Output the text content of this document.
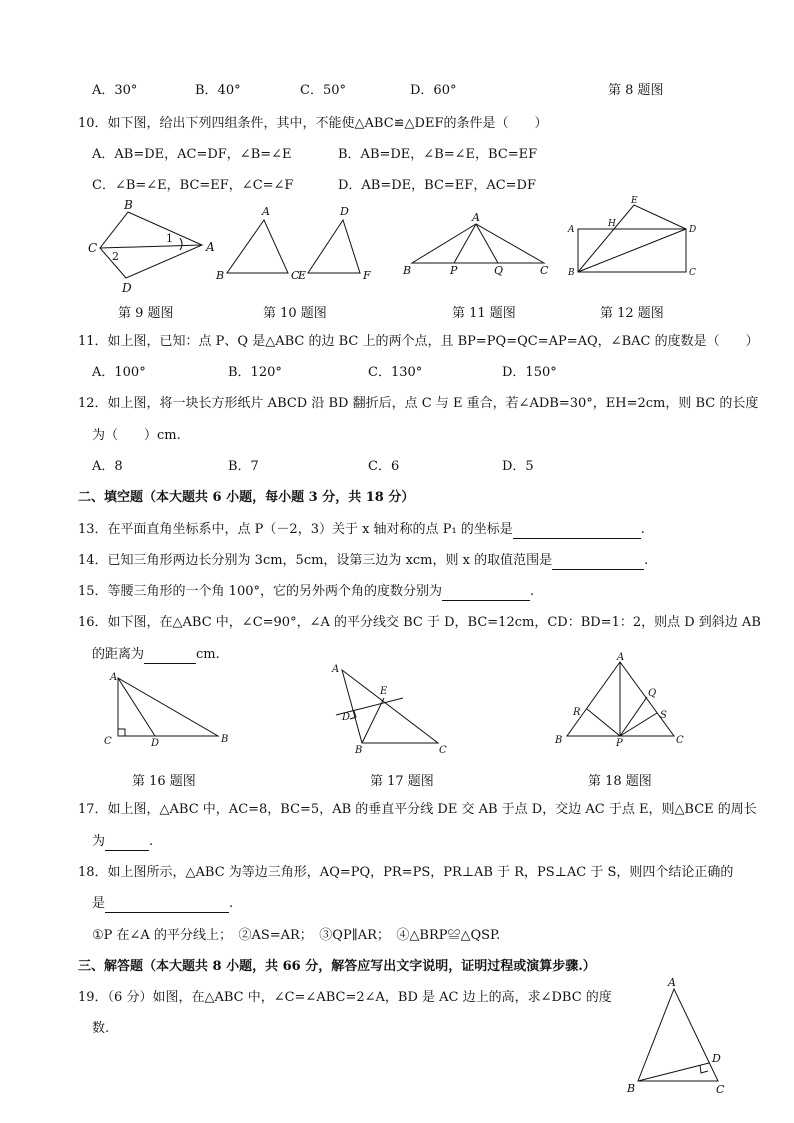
A．30°	B．40°	C．50°	D．60°	第 8 题图
10．如下图，给出下列四组条件，其中，不能使△ABC≌△DEF的条件是（　　）
A．AB=DE，AC=DF，∠B=∠E	B．AB=DE，∠B=∠E，BC=EF
C．∠B=∠E，BC=EF，∠C=∠F	D．AB=DE，BC=EF，AC=DF
B
C
D
A
1
2
A
B	C
D
E	F
A
B	P	Q	C
E
A
H
D
B	C
第 9 题图	第 10 题图	第 11 题图	第 12 题图
11．如上图，已知：点 P、Q 是△ABC 的边 BC 上的两个点，且 BP=PQ=QC=AP=AQ，∠BAC 的度数是（　　）
A．100°	B．120°	C．130°	D．150°
12．如上图，将一块长方形纸片 ABCD 沿 BD 翻折后，点 C 与 E 重合，若∠ADB=30°，EH=2cm，则 BC 的长度
为（　　）cm.
A．8	B．7	C．6	D．5
二、填空题（本大题共 6 小题，每小题 3 分，共 18 分）
13．在平面直角坐标系中，点 P（－2，3）关于 x 轴对称的点 P₁ 的坐标是	.
14．已知三角形两边长分别为 3cm，5cm，设第三边为 xcm，则 x 的取值范围是	.
15．等腰三角形的一个角 100°，它的另外两个角的度数分别为	.
16．如下图，在△ABC 中，∠C=90°，∠A 的平分线交 BC 于 D，BC=12cm，CD：BD=1：2，则点 D 到斜边 AB
的距离为	cm.
A
C	D	B
A
E
D
B	C
A
Q
R	S
B	P	C
第 16 题图	第 17 题图	第 18 题图
17．如上图，△ABC 中，AC=8，BC=5，AB 的垂直平分线 DE 交 AB 于点 D，交边 AC 于点 E，则△BCE 的周长
为	.
18．如上图所示，△ABC 为等边三角形，AQ=PQ，PR=PS，PR⊥AB 于 R，PS⊥AC 于 S，则四个结论正确的
是	.
①P 在∠A 的平分线上；　②AS=AR；　③QP∥AR；　④△BRP≌△QSP.
三、解答题（本大题共 8 小题，共 66 分，解答应写出文字说明，证明过程或演算步骤.）
19．（6 分）如图，在△ABC 中，∠C=∠ABC=2∠A，BD 是 AC 边上的高，求∠DBC 的度
数.
A
D
B	C
